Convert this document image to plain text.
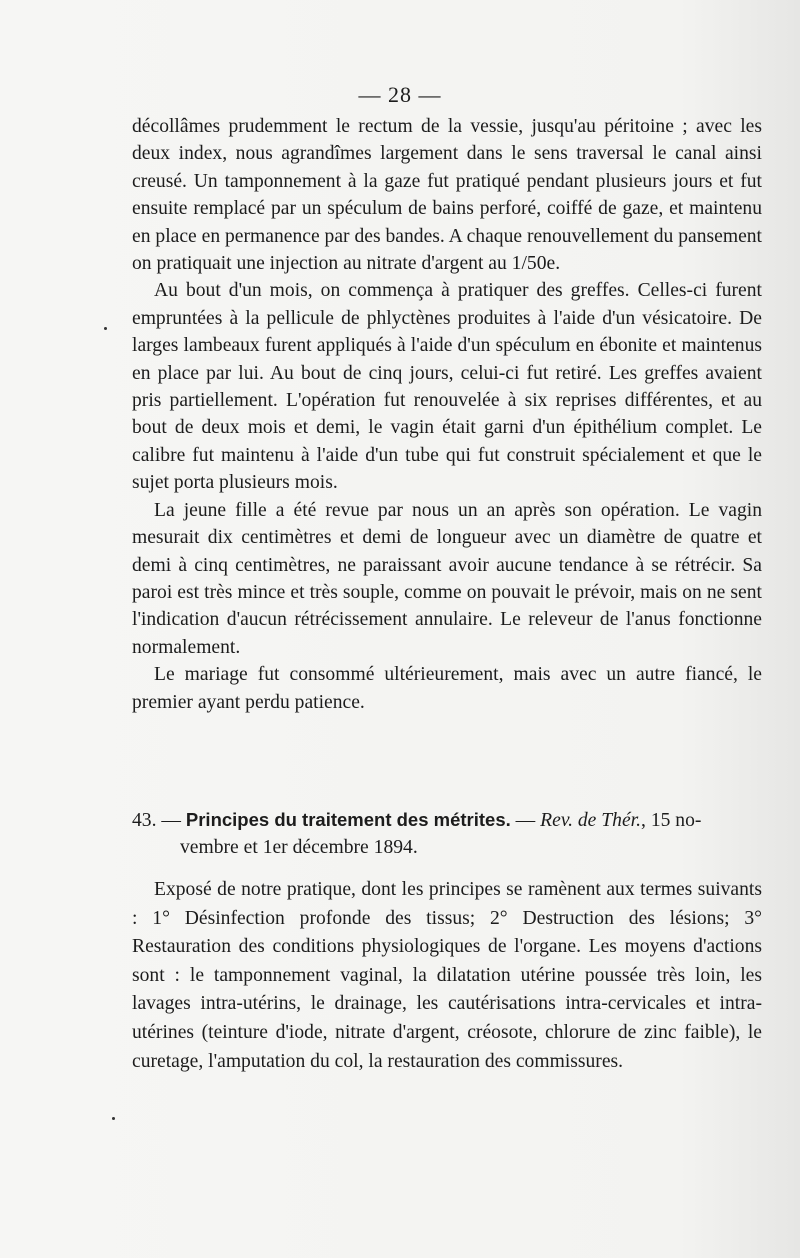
— 28 —

décollâmes prudemment le rectum de la vessie, jusqu'au péritoine ; avec les deux index, nous agrandîmes largement dans le sens traversal le canal ainsi creusé. Un tamponnement à la gaze fut pratiqué pendant plusieurs jours et fut ensuite remplacé par un spéculum de bains perforé, coiffé de gaze, et maintenu en place en permanence par des bandes. A chaque renouvellement du pansement on pratiquait une injection au nitrate d'argent au 1/50e.

Au bout d'un mois, on commença à pratiquer des greffes. Celles-ci furent empruntées à la pellicule de phlyctènes produites à l'aide d'un vésicatoire. De larges lambeaux furent appliqués à l'aide d'un spéculum en ébonite et maintenus en place par lui. Au bout de cinq jours, celui-ci fut retiré. Les greffes avaient pris partiellement. L'opération fut renouvelée à six reprises différentes, et au bout de deux mois et demi, le vagin était garni d'un épithélium complet. Le calibre fut maintenu à l'aide d'un tube qui fut construit spécialement et que le sujet porta plusieurs mois.

La jeune fille a été revue par nous un an après son opération. Le vagin mesurait dix centimètres et demi de longueur avec un diamètre de quatre et demi à cinq centimètres, ne paraissant avoir aucune tendance à se rétrécir. Sa paroi est très mince et très souple, comme on pouvait le prévoir, mais on ne sent l'indication d'aucun rétrécissement annulaire. Le releveur de l'anus fonctionne normalement.

Le mariage fut consommé ultérieurement, mais avec un autre fiancé, le premier ayant perdu patience.

43. — Principes du traitement des métrites. — Rev. de Thér., 15 no-
vembre et 1er décembre 1894.

Exposé de notre pratique, dont les principes se ramènent aux termes suivants : 1° Désinfection profonde des tissus; 2° Destruction des lésions; 3° Restauration des conditions physiologiques de l'organe. Les moyens d'actions sont : le tamponnement vaginal, la dilatation utérine poussée très loin, les lavages intra-utérins, le drainage, les cautérisations intra-cervicales et intra-utérines (teinture d'iode, nitrate d'argent, créosote, chlorure de zinc faible), le curetage, l'amputation du col, la restauration des commissures.
